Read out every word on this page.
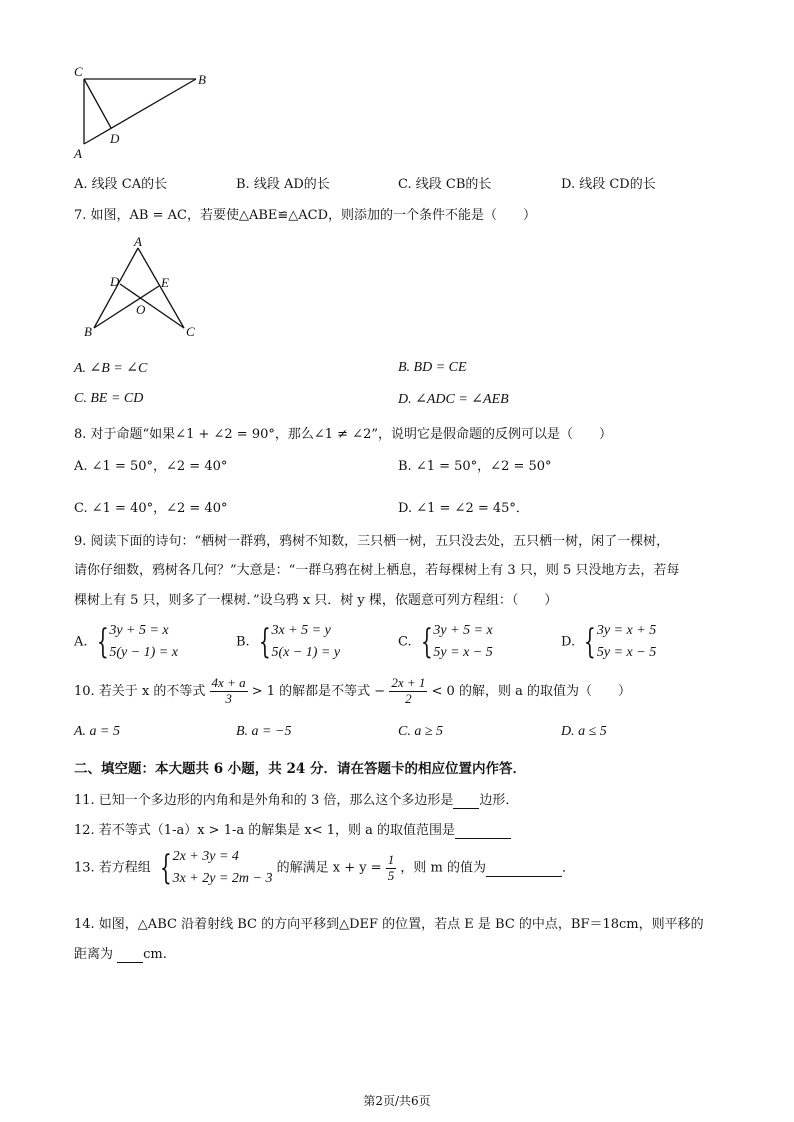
C
B
D
A
A. 线段 CA的长	B. 线段 AD的长	C. 线段 CB的长	D. 线段 CD的长
7. 如图，AB = AC，若要使△ABE≌△ACD，则添加的一个条件不能是（　　）
A
D	E
O
B	C
A. ∠B = ∠C	B. BD = CE
C. BE = CD	D. ∠ADC = ∠AEB
8. 对于命题“如果∠1 + ∠2 = 90°，那么∠1 ≠ ∠2”，说明它是假命题的反例可以是（　　）
A. ∠1 = 50°，∠2 = 40°	B. ∠1 = 50°，∠2 = 50°
C. ∠1 = 40°，∠2 = 40°	D. ∠1 = ∠2 = 45°．
9. 阅读下面的诗句：“栖树一群鸦，鸦树不知数，三只栖一树，五只没去处，五只栖一树，闲了一棵树，
请你仔细数，鸦树各几何？”大意是：“一群乌鸦在树上栖息，若每棵树上有 3 只，则 5 只没地方去，若每
棵树上有 5 只，则多了一棵树．”设乌鸦 x 只．树 y 棵，依题意可列方程组：（　　）
A. { 3y + 5 = x
5(y − 1) = x
B. { 3x + 5 = y
5(x − 1) = y
C. { 3y + 5 = x
5y = x − 5
D. { 3y = x + 5
5y = x − 5
10. 若关于 x 的不等式 $\frac{4x + a}{3} > 1$ 的解都是不等式 − $\frac{2x + 1}{2} < 0$ 的解，则 a 的取值为（　　）
A. a = 5	B. a = −5	C. a ≥ 5	D. a ≤ 5
二、填空题：本大题共 6 小题，共 24 分．请在答题卡的相应位置内作答．
11. 已知一个多边形的内角和是外角和的 3 倍，那么这个多边形是 边形．
12. 若不等式（1-a）x > 1-a 的解集是 x< 1，则 a 的取值范围是
13. 若方程组 { 2x + 3y = 4
3x + 2y = 2m − 3
的解满足 $x + y = \frac{1}{5}$ ，则 m 的值为	．
14. 如图，△ABC 沿着射线 BC 的方向平移到△DEF 的位置，若点 E 是 BC 的中点，BF＝18cm，则平移的
距离为  cm.
第2页/共6页
